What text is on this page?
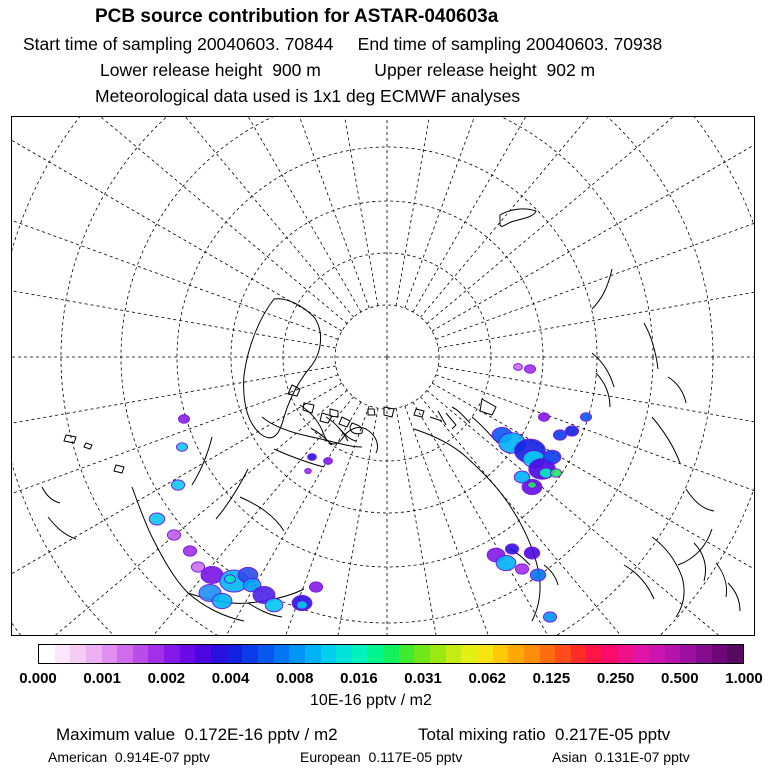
PCB source contribution for ASTAR-040603a
Start time of sampling 20040603. 70844     End time of sampling 20040603. 70938
Lower release height  900 m           Upper release height  902 m
Meteorological data used is 1x1 deg ECMWF analyses
0.000 0.001 0.002 0.004 0.008 0.016 0.031 0.062 0.125 0.250 0.500 1.000
10E-16 pptv / m2
Maximum value  0.172E-16 pptv / m2	Total mixing ratio  0.217E-05 pptv
American  0.914E-07 pptv	European  0.117E-05 pptv	Asian  0.131E-07 pptv
